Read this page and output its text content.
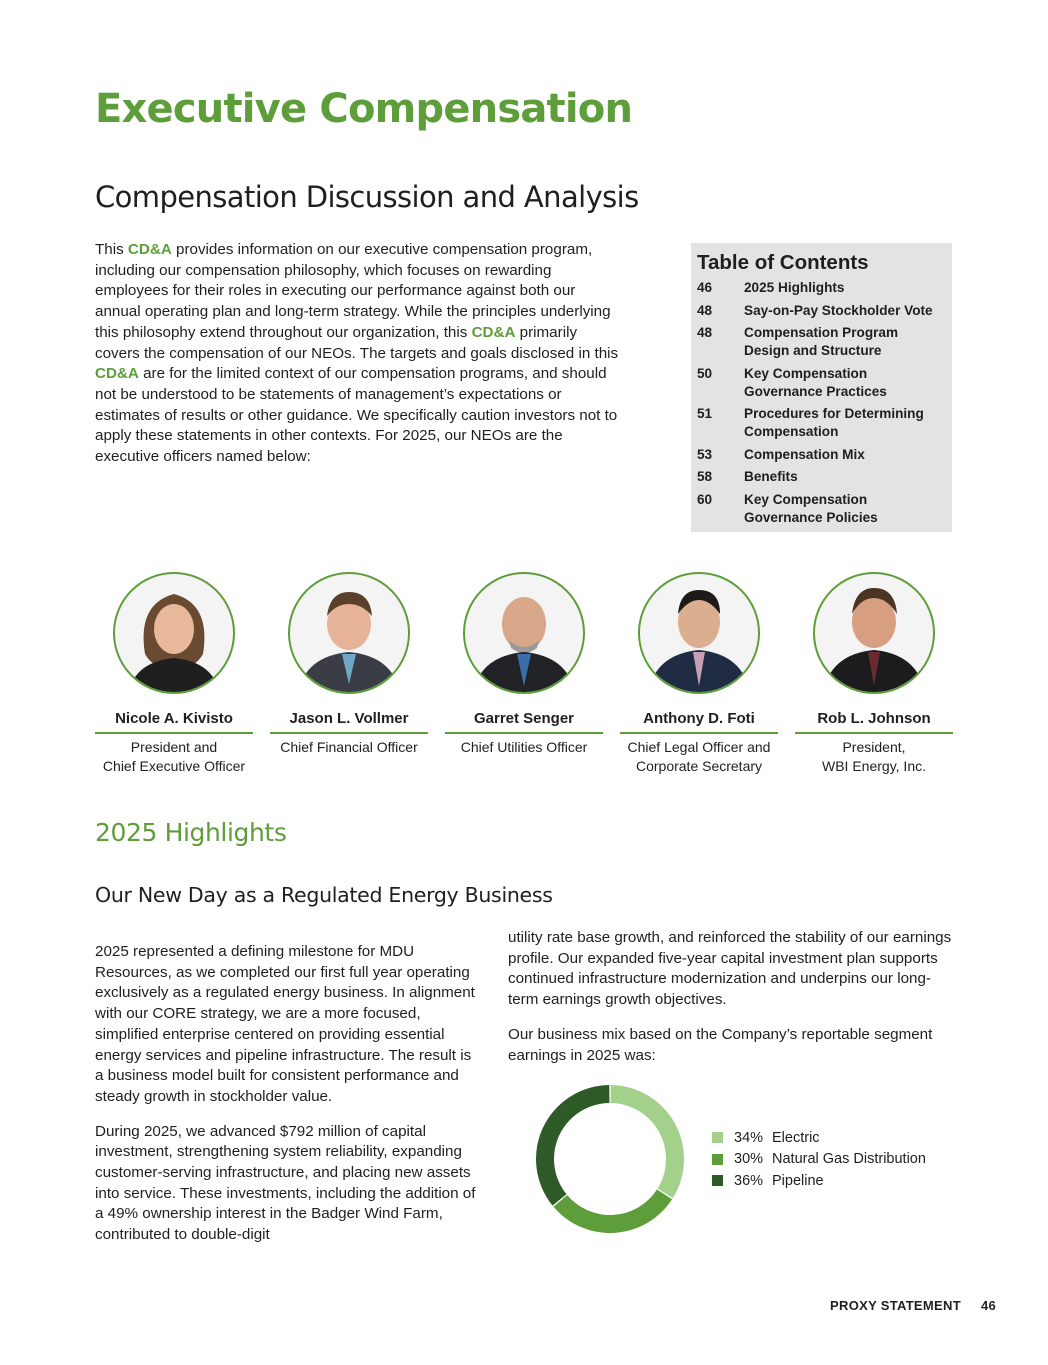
Executive Compensation
Compensation Discussion and Analysis
This CD&A provides information on our executive compensation program, including our compensation philosophy, which focuses on rewarding employees for their roles in executing our performance against both our annual operating plan and long-term strategy. While the principles underlying this philosophy extend throughout our organization, this CD&A primarily covers the compensation of our NEOs. The targets and goals disclosed in this CD&A are for the limited context of our compensation programs, and should not be understood to be statements of management’s expectations or estimates of results or other guidance. We specifically caution investors not to apply these statements in other contexts. For 2025, our NEOs are the executive officers named below:
Table of Contents
46	2025 Highlights
48	Say-on-Pay Stockholder Vote
48	Compensation Program Design and Structure
50	Key Compensation Governance Practices
51	Procedures for Determining Compensation
53	Compensation Mix
58	Benefits
60	Key Compensation Governance Policies
Nicole A. Kivisto
President and
Chief Executive Officer
Jason L. Vollmer
Chief Financial Officer
Garret Senger
Chief Utilities Officer
Anthony D. Foti
Chief Legal Officer and
Corporate Secretary
Rob L. Johnson
President,
WBI Energy, Inc.
2025 Highlights
Our New Day as a Regulated Energy Business

2025 represented a defining milestone for MDU Resources, as we completed our first full year operating exclusively as a regulated energy business. In alignment with our CORE strategy, we are a more focused, simplified enterprise centered on providing essential energy services and pipeline infrastructure. The result is a business model built for consistent performance and steady growth in stockholder value.

During 2025, we advanced $792 million of capital investment, strengthening system reliability, expanding customer-serving infrastructure, and placing new assets into service. These investments, including the addition of a 49% ownership interest in the Badger Wind Farm, contributed to double-digit

utility rate base growth, and reinforced the stability of our earnings profile. Our expanded five-year capital investment plan supports continued infrastructure modernization and underpins our long-term earnings growth objectives.

Our business mix based on the Company’s reportable segment earnings in 2025 was:

34% Electric
30% Natural Gas Distribution
36% Pipeline
PROXY STATEMENT 46
